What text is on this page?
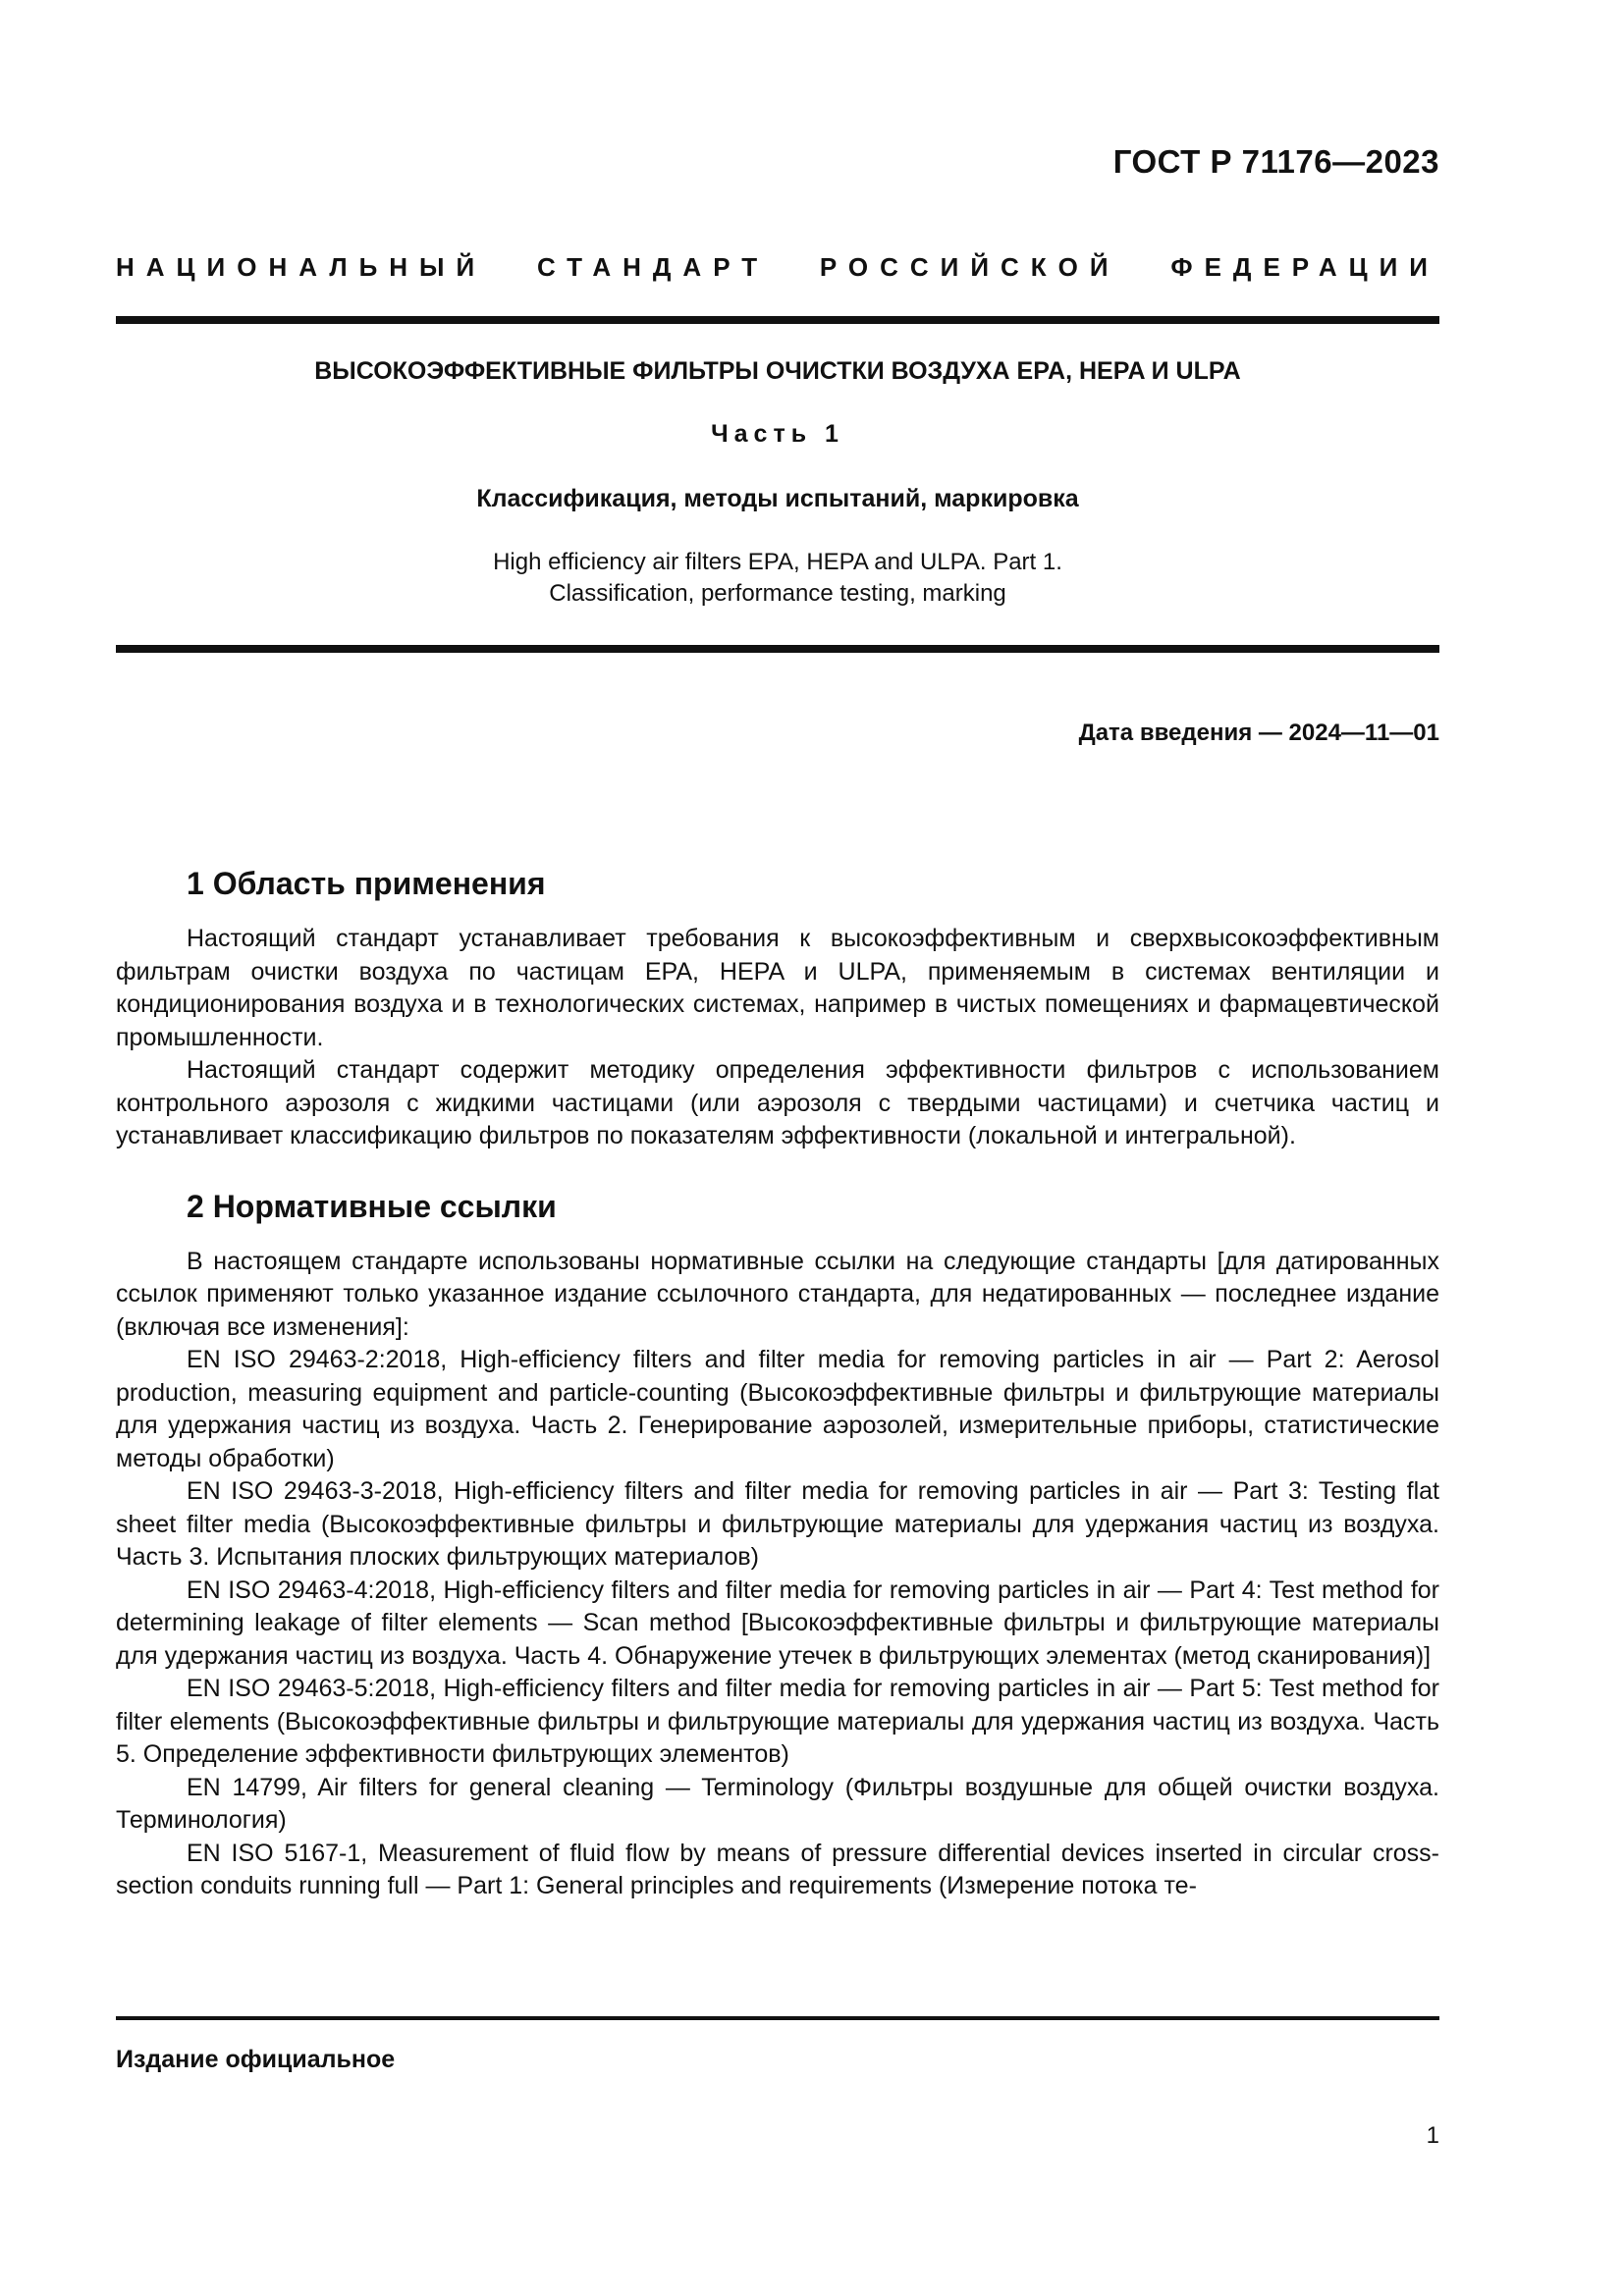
ГОСТ Р 71176—2023
НАЦИОНАЛЬНЫЙ СТАНДАРТ РОССИЙСКОЙ ФЕДЕРАЦИИ
ВЫСОКОЭФФЕКТИВНЫЕ ФИЛЬТРЫ ОЧИСТКИ ВОЗДУХА EPA, HEPA И ULPA
Часть 1
Классификация, методы испытаний, маркировка
High efficiency air filters EPA, HEPA and ULPA. Part 1.
Classification, performance testing, marking
Дата введения — 2024—11—01
1 Область применения

Настоящий стандарт устанавливает требования к высокоэффективным и сверхвысокоэффективным фильтрам очистки воздуха по частицам EPA, HEPA и ULPA, применяемым в системах вентиляции и кондиционирования воздуха и в технологических системах, например в чистых помещениях и фармацевтической промышленности.

Настоящий стандарт содержит методику определения эффективности фильтров с использованием контрольного аэрозоля с жидкими частицами (или аэрозоля с твердыми частицами) и счетчика частиц и устанавливает классификацию фильтров по показателям эффективности (локальной и интегральной).

2 Нормативные ссылки

В настоящем стандарте использованы нормативные ссылки на следующие стандарты [для датированных ссылок применяют только указанное издание ссылочного стандарта, для недатированных — последнее издание (включая все изменения]:

EN ISO 29463-2:2018, High-efficiency filters and filter media for removing particles in air — Part 2: Aerosol production, measuring equipment and particle-counting (Высокоэффективные фильтры и фильтрующие материалы для удержания частиц из воздуха. Часть 2. Генерирование аэрозолей, измерительные приборы, статистические методы обработки)

EN ISO 29463-3-2018, High-efficiency filters and filter media for removing particles in air — Part 3: Testing flat sheet filter media (Высокоэффективные фильтры и фильтрующие материалы для удержания частиц из воздуха. Часть 3. Испытания плоских фильтрующих материалов)

EN ISO 29463-4:2018, High-efficiency filters and filter media for removing particles in air — Part 4: Test method for determining leakage of filter elements — Scan method [Высокоэффективные фильтры и фильтрующие материалы для удержания частиц из воздуха. Часть 4. Обнаружение утечек в фильтрующих элементах (метод сканирования)]

EN ISO 29463-5:2018, High-efficiency filters and filter media for removing particles in air — Part 5: Test method for filter elements (Высокоэффективные фильтры и фильтрующие материалы для удержания частиц из воздуха. Часть 5. Определение эффективности фильтрующих элементов)

EN 14799, Air filters for general cleaning — Terminology (Фильтры воздушные для общей очистки воздуха. Терминология)

EN ISO 5167-1, Measurement of fluid flow by means of pressure differential devices inserted in circular cross-section conduits running full — Part 1: General principles and requirements (Измерение потока те-

Издание официальное
1
